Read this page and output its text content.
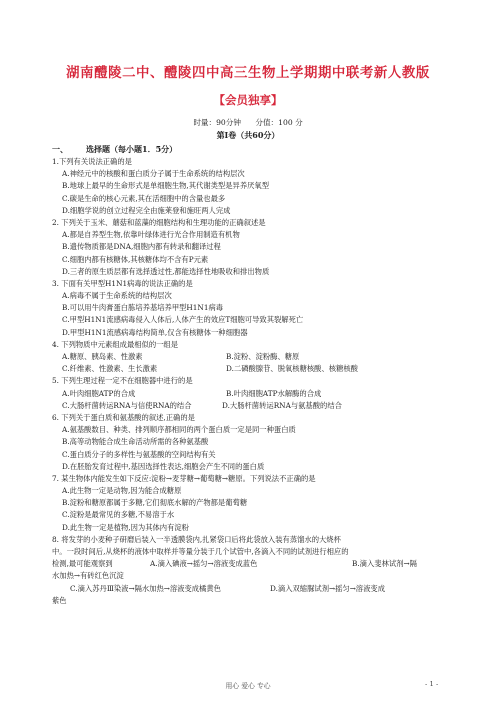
湖南醴陵二中、醴陵四中高三生物上学期期中联考新人教版
【会员独享】
时量：90分钟 分值：100 分
第Ⅰ卷（共60分）
一、 选择题（每小题1．5分）
1.下列有关说法正确的是
A.神经元中的核酸和蛋白质分子属于生命系统的结构层次
B.地球上最早的生命形式是单细胞生物,其代谢类型是异养厌氧型
C.碳是生命的核心元素,其在活细胞中的含量也最多
D.细胞学说的创立过程完全由施莱登和施旺两人完成
2. 下列关于玉米、蘑菇和蓝藻的细胞结构和生理功能的正确叙述是
A.都是自养型生物,依靠叶绿体进行光合作用制造有机物
B.遗传物质都是DNA,细胞内都有转录和翻译过程
C.细胞内都有核糖体,其核糖体均不含有P元素
D.三者的原生质层都有选择透过性,都能选择性地吸收和排出物质
3. 下面有关甲型H1N1病毒的说法正确的是
A.病毒不属于生命系统的结构层次
B.可以用牛肉膏蛋白胨培养基培养甲型H1N1病毒
C.甲型H1N1流感病毒侵入人体后,人体产生的效应T细胞可导致其裂解死亡
D.甲型H1N1流感病毒结构简单,仅含有核糖体一种细胞器
4. 下列物质中元素组成最相似的一组是
A.糖原、胰岛素、性激素	B.淀粉、淀粉酶、糖原
C.纤维素、性激素、生长激素	D.二磷酸腺苷、脱氧核糖核酸、核糖核酸
5. 下列生理过程一定不在细胞器中进行的是
A.叶肉细胞ATP的合成	B.叶肉细胞ATP水解酶的合成
C.大肠杆菌转运RNA与信使RNA的结合	D.大肠杆菌转运RNA与氨基酸的结合
6. 下列关于蛋白质和氨基酸的叙述,正确的是
A.氨基酸数目、种类、排列顺序都相同的两个蛋白质一定是同一种蛋白质
B.高等动物能合成生命活动所需的各种氨基酸
C.蛋白质分子的多样性与氨基酸的空间结构有关
D.在胚胎发育过程中,基因选择性表达,细胞会产生不同的蛋白质
7. 某生物体内能发生如下反应:淀粉→麦芽糖→葡萄糖→糖原。下列说法不正确的是
A.此生物一定是动物,因为能合成糖原
B.淀粉和糖原都属于多糖,它们彻底水解的产物都是葡萄糖
C.淀粉是最常见的多糖,不易溶于水
D.此生物一定是植物,因为其体内有淀粉
8. 将发芽的小麦种子研磨后装入一半透膜袋内,扎紧袋口后将此袋放入装有蒸馏水的大烧杯
中。一段时间后,从烧杯的液体中取样并等量分装于几个试管中,各滴入不同的试剂进行相应的
检测,最可能观察到	A.滴入碘液→摇匀→溶液变成蓝色	B.滴入斐林试剂→隔
水加热→有砖红色沉淀
C.滴入苏丹Ⅲ染液→隔水加热→溶液变成橘黄色	D.滴入双缩脲试剂→摇匀→溶液变成
紫色
用心 爱心 专心	- 1 -
